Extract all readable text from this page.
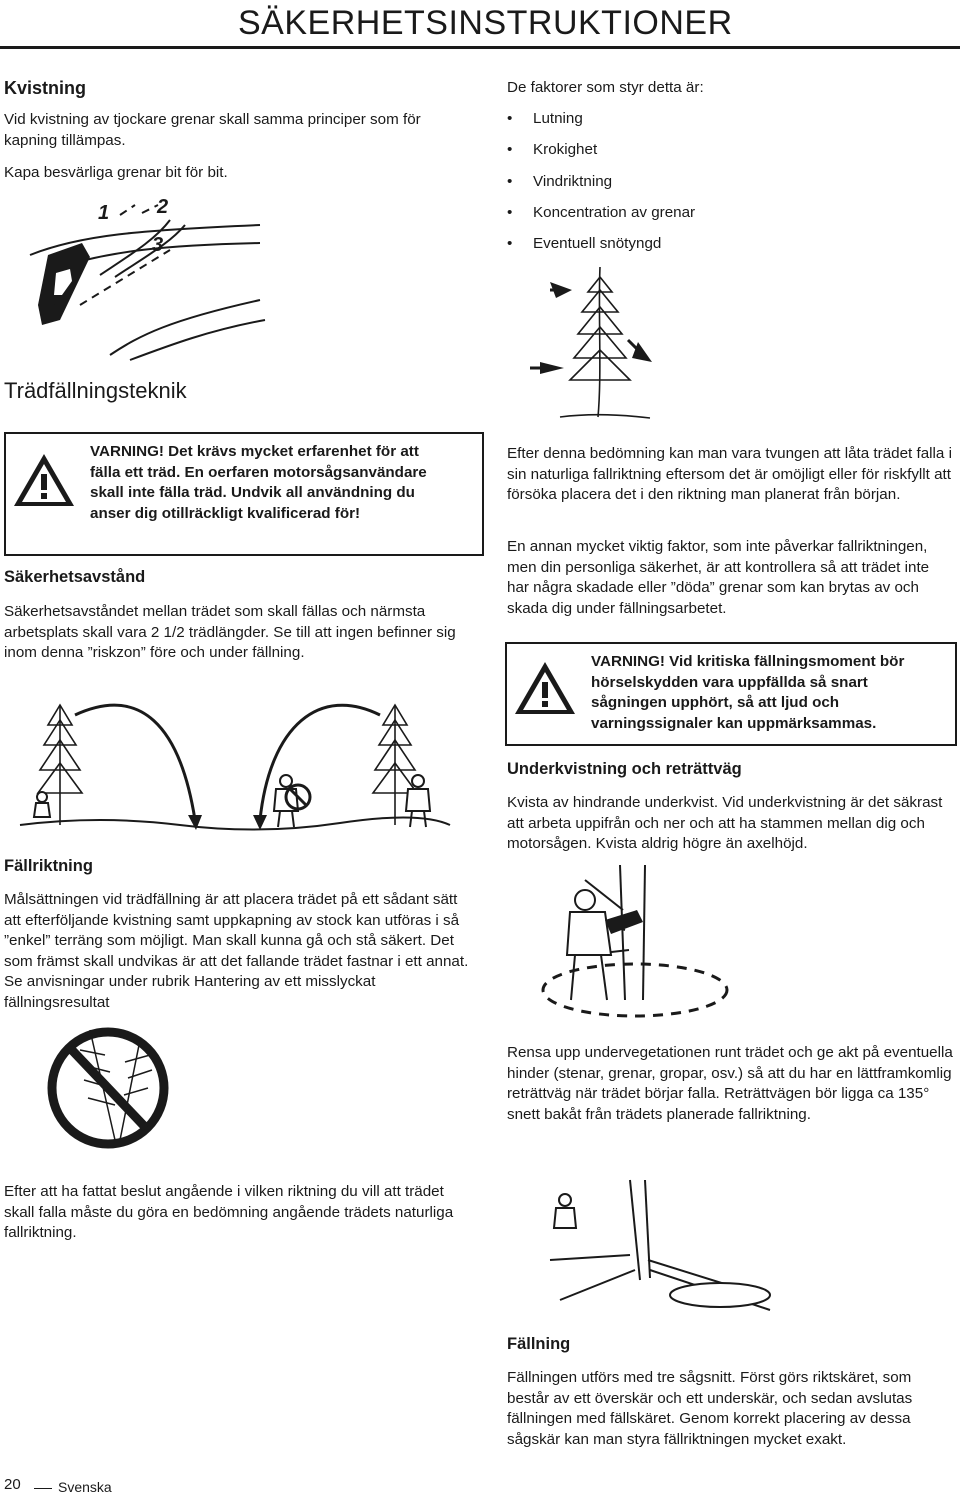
SÄKERHETSINSTRUKTIONER
Kvistning
Vid kvistning av tjockare grenar skall samma principer som för kapning tillämpas.
Kapa besvärliga grenar bit för bit.
1 2
3
Trädfällningsteknik
VARNING! Det krävs mycket erfarenhet för att fälla ett träd. En oerfaren motorsågsanvändare skall inte fälla träd. Undvik all användning du anser dig otillräckligt kvalificerad för!
Säkerhetsavstånd
Säkerhetsavståndet mellan trädet som skall fällas och närmsta arbetsplats skall vara 2 1/2 trädlängder. Se till att ingen befinner sig inom denna ”riskzon” före och under fällning.
Fällriktning
Målsättningen vid trädfällning är att placera trädet på ett sådant sätt att efterföljande kvistning samt uppkapning av stock kan utföras i så ”enkel” terräng som möjligt. Man skall kunna gå och stå säkert. Det som främst skall undvikas är att det fallande trädet fastnar i ett annat. Se anvisningar under rubrik Hantering av ett misslyckat fällningsresultat
Efter att ha fattat beslut angående i vilken riktning du vill att trädet skall falla måste du göra en bedömning angående trädets naturliga fallriktning.
20	Svenska
De faktorer som styr detta är:
• Lutning
• Krokighet
• Vindriktning
• Koncentration av grenar
• Eventuell snötyngd
Efter denna bedömning kan man vara tvungen att låta trädet falla i sin naturliga fallriktning eftersom det är omöjligt eller för riskfyllt att försöka placera det i den riktning man planerat från början.
En annan mycket viktig faktor, som inte påverkar fallriktningen, men din personliga säkerhet, är att kontrollera så att trädet inte har några skadade eller ”döda” grenar som kan brytas av och skada dig under fällningsarbetet.
VARNING! Vid kritiska fällningsmoment bör hörselskydden vara uppfällda så snart sågningen upphört, så att ljud och varningssignaler kan uppmärksammas.
Underkvistning och reträttväg
Kvista av hindrande underkvist. Vid underkvistning är det säkrast att arbeta uppifrån och ner och att ha stammen mellan dig och motorsågen. Kvista aldrig högre än axelhöjd.
Rensa upp undervegetationen runt trädet och ge akt på eventuella hinder (stenar, grenar, gropar, osv.) så att du har en lättframkomlig reträttväg när trädet börjar falla. Reträttvägen bör ligga ca 135° snett bakåt från trädets planerade fallriktning.
Fällning
Fällningen utförs med tre sågsnitt. Först görs riktskäret, som består av ett överskär och ett underskär, och sedan avslutas fällningen med fällskäret. Genom korrekt placering av dessa sågskär kan man styra fällriktningen mycket exakt.
